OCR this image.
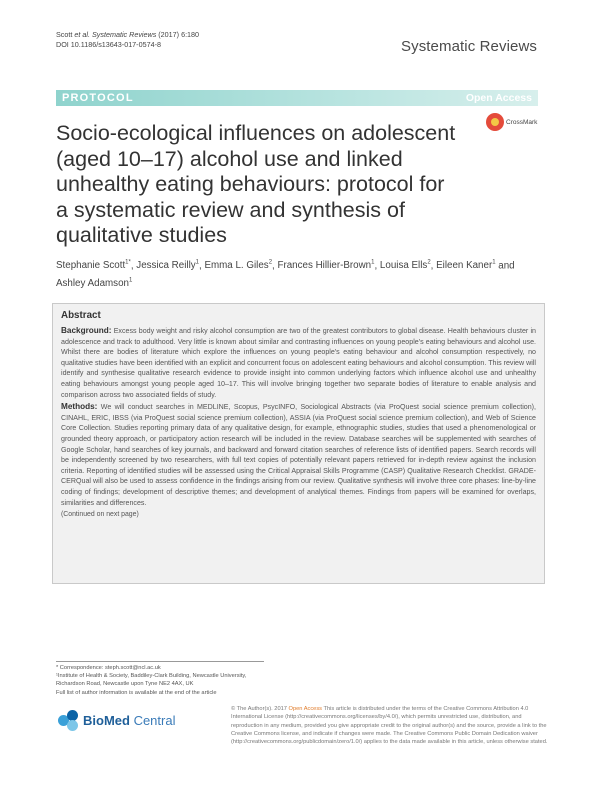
Scott et al. Systematic Reviews (2017) 6:180
DOI 10.1186/s13643-017-0574-8	Systematic Reviews
PROTOCOL	Open Access
Socio-ecological influences on adolescent (aged 10–17) alcohol use and linked unhealthy eating behaviours: protocol for a systematic review and synthesis of qualitative studies
CrossMark
Stephanie Scott$^{1*}$, Jessica Reilly$^1$, Emma L. Giles$^2$, Frances Hillier-Brown$^1$, Louisa Ells$^2$, Eileen Kaner$^1$ and Ashley Adamson$^1$
Abstract

Background: Excess body weight and risky alcohol consumption are two of the greatest contributors to global disease. Health behaviours cluster in adolescence and track to adulthood. Very little is known about similar and contrasting influences on young people's eating behaviours and alcohol use. Whilst there are bodies of literature which explore the influences on young people's eating behaviour and alcohol consumption respectively, no qualitative studies have been identified with an explicit and concurrent focus on adolescent eating behaviours and alcohol consumption. This review will identify and synthesise qualitative research evidence to provide insight into common underlying factors which influence alcohol use and unhealthy eating behaviours amongst young people aged 10–17. This will involve bringing together two separate bodies of literature to enable analysis and comparison across two associated fields of study.

Methods: We will conduct searches in MEDLINE, Scopus, PsycINFO, Sociological Abstracts (via ProQuest social science premium collection), CINAHL, ERIC, IBSS (via ProQuest social science premium collection), ASSIA (via ProQuest social science premium collection), and Web of Science Core Collection. Studies reporting primary data of any qualitative design, for example, ethnographic studies, studies that used a phenomenological or grounded theory approach, or participatory action research will be included in the review. Database searches will be supplemented with searches of Google Scholar, hand searches of key journals, and backward and forward citation searches of reference lists of identified papers. Search records will be independently screened by two researchers, with full text copies of potentially relevant papers retrieved for in-depth review against the inclusion criteria. Reporting of identified studies will be assessed using the Critical Appraisal Skills Programme (CASP) Qualitative Research Checklist. GRADE-CERQual will also be used to assess confidence in the findings arising from our review. Qualitative synthesis will involve three core phases: line-by-line coding of findings; development of descriptive themes; and development of analytical themes. Findings from papers will be examined for overlaps, similarities and differences.

(Continued on next page)

* Correspondence: steph.scott@ncl.ac.uk
¹Institute of Health & Society, Baddiley-Clark Building, Newcastle University, Richardson Road, Newcastle upon Tyne NE2 4AX, UK
Full list of author information is available at the end of the article
BioMed Central
© The Author(s). 2017 Open Access This article is distributed under the terms of the Creative Commons Attribution 4.0 International License (http://creativecommons.org/licenses/by/4.0/), which permits unrestricted use, distribution, and reproduction in any medium, provided you give appropriate credit to the original author(s) and the source, provide a link to the Creative Commons license, and indicate if changes were made. The Creative Commons Public Domain Dedication waiver (http://creativecommons.org/publicdomain/zero/1.0/) applies to the data made available in this article, unless otherwise stated.
